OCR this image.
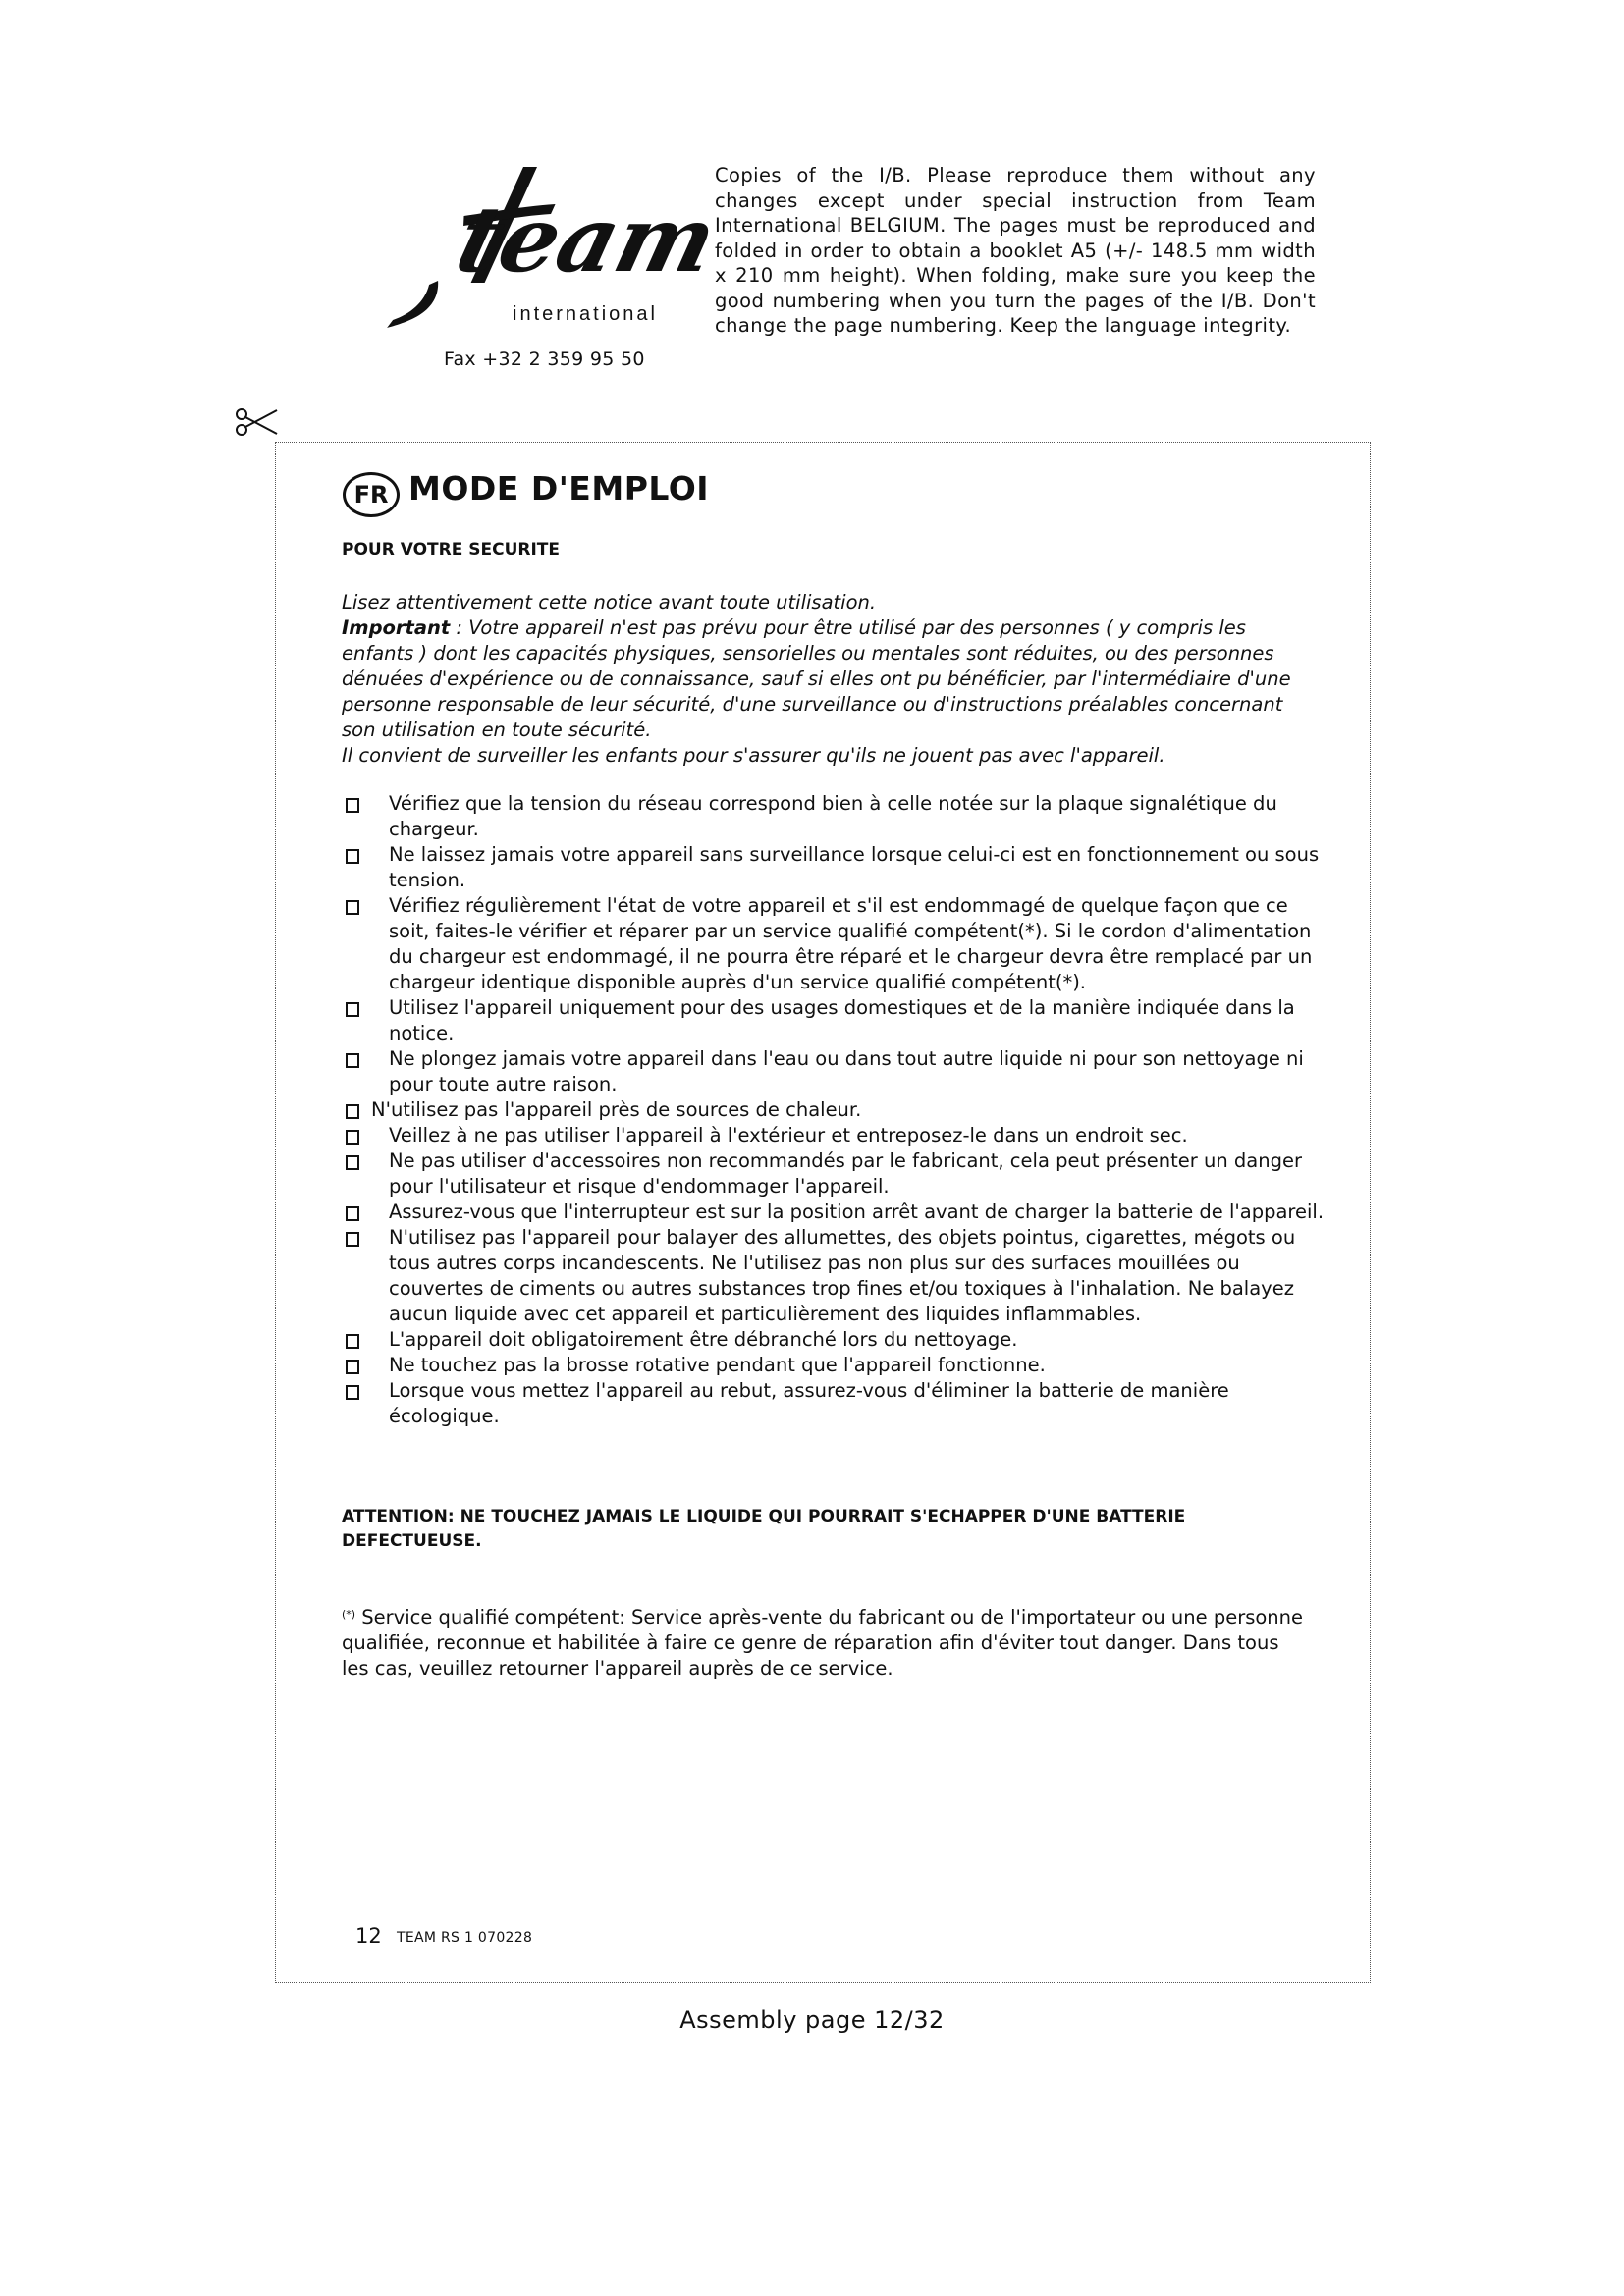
team
international
Fax +32 2 359 95 50
Copies of the I/B. Please reproduce them without any changes except under special instruction from Team International BELGIUM. The pages must be reproduced and folded in order to obtain a booklet A5 (+/- 148.5 mm width x 210 mm height). When folding, make sure you keep the good numbering when you turn the pages of the I/B. Don't change the page numbering. Keep the language integrity.
FR MODE D'EMPLOI
POUR VOTRE SECURITE

Lisez attentivement cette notice avant toute utilisation.

Important : Votre appareil n'est pas prévu pour être utilisé par des personnes ( y compris les enfants ) dont les capacités physiques, sensorielles ou mentales sont réduites, ou des personnes dénuées d'expérience ou de connaissance, sauf si elles ont pu bénéficier, par l'intermédiaire d'une personne responsable de leur sécurité, d'une surveillance ou d'instructions préalables concernant son utilisation en toute sécurité.

Il convient de surveiller les enfants pour s'assurer qu'ils ne jouent pas avec l'appareil.

Vérifiez que la tension du réseau correspond bien à celle notée sur la plaque signalétique du chargeur.
Ne laissez jamais votre appareil sans surveillance lorsque celui-ci est en fonctionnement ou sous tension.
Vérifiez régulièrement l'état de votre appareil et s'il est endommagé de quelque façon que ce soit, faites-le vérifier et réparer par un service qualifié compétent(*). Si le cordon d'alimentation du chargeur est endommagé, il ne pourra être réparé et le chargeur devra être remplacé par un chargeur identique disponible auprès d'un service qualifié compétent(*).
Utilisez l'appareil uniquement pour des usages domestiques et de la manière indiquée dans la notice.
Ne plongez jamais votre appareil dans l'eau ou dans tout autre liquide ni pour son nettoyage ni pour toute autre raison.
N'utilisez pas l'appareil près de sources de chaleur.
Veillez à ne pas utiliser l'appareil à l'extérieur et entreposez-le dans un endroit sec.
Ne pas utiliser d'accessoires non recommandés par le fabricant, cela peut présenter un danger pour l'utilisateur et risque d'endommager l'appareil.
Assurez-vous que l'interrupteur est sur la position arrêt avant de charger la batterie de l'appareil.
N'utilisez pas l'appareil pour balayer des allumettes, des objets pointus, cigarettes, mégots ou tous autres corps incandescents. Ne l'utilisez pas non plus sur des surfaces mouillées ou couvertes de ciments ou autres substances trop fines et/ou toxiques à l'inhalation. Ne balayez aucun liquide avec cet appareil et particulièrement des liquides inflammables.
L'appareil doit obligatoirement être débranché lors du nettoyage.
Ne touchez pas la brosse rotative pendant que l'appareil fonctionne.
Lorsque vous mettez l'appareil au rebut, assurez-vous d'éliminer la batterie de manière écologique.
ATTENTION: NE TOUCHEZ JAMAIS LE LIQUIDE QUI POURRAIT S'ECHAPPER D'UNE BATTERIE DEFECTUEUSE.
(*) Service qualifié compétent: Service après-vente du fabricant ou de l'importateur ou une personne qualifiée, reconnue et habilitée à faire ce genre de réparation afin d'éviter tout danger. Dans tous les cas, veuillez retourner l'appareil auprès de ce service.
12 TEAM RS 1 070228
Assembly page 12/32
